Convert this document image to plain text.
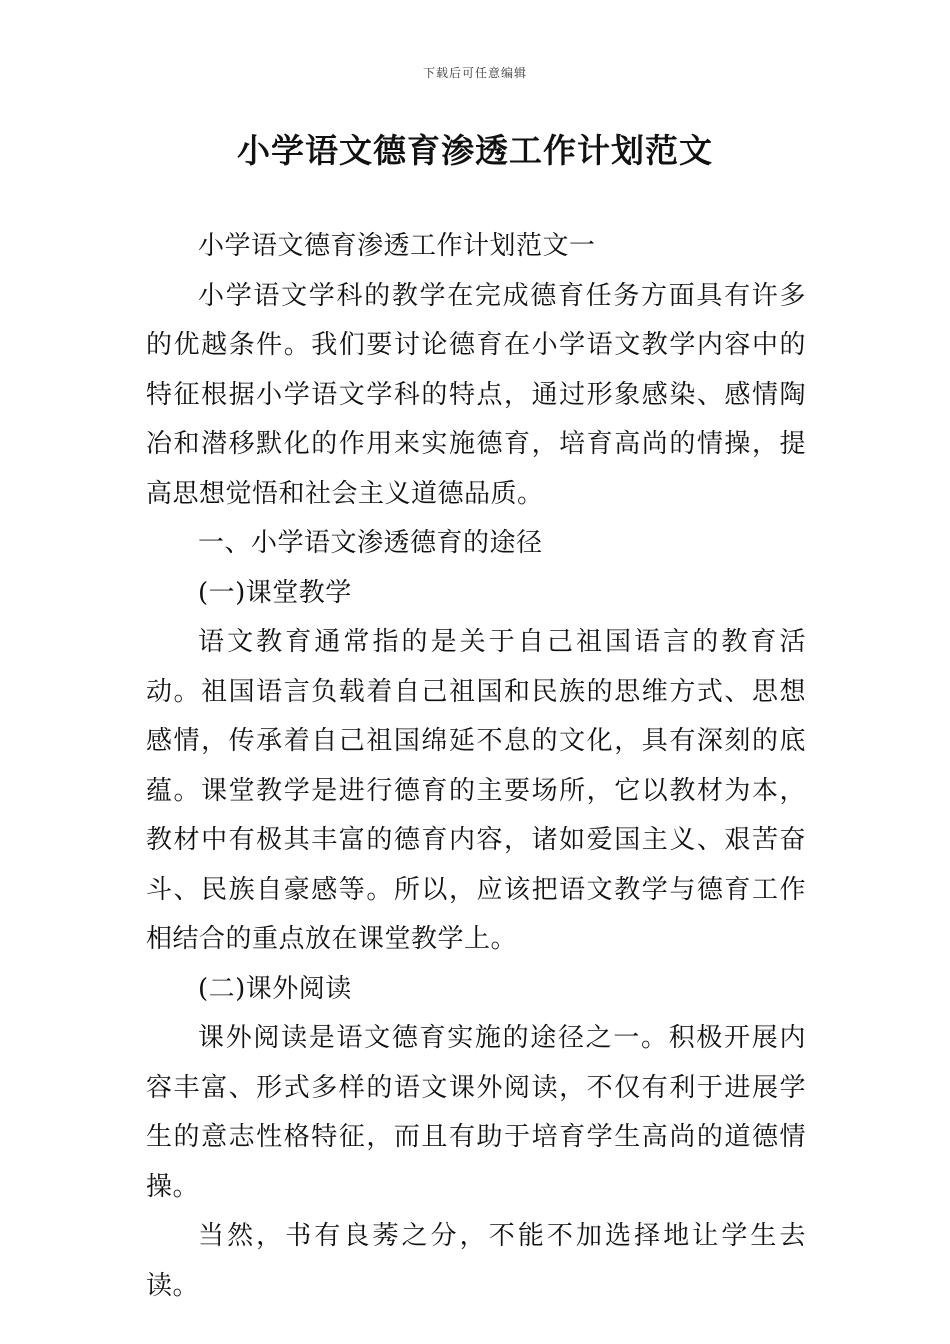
下载后可任意编辑
小学语文德育渗透工作计划范文

小学语文德育渗透工作计划范文一

小学语文学科的教学在完成德育任务方面具有许多的优越条件。我们要讨论德育在小学语文教学内容中的特征根据小学语文学科的特点，通过形象感染、感情陶冶和潜移默化的作用来实施德育，培育高尚的情操，提高思想觉悟和社会主义道德品质。

一、小学语文渗透德育的途径

(一)课堂教学

语文教育通常指的是关于自己祖国语言的教育活动。祖国语言负载着自己祖国和民族的思维方式、思想感情，传承着自己祖国绵延不息的文化，具有深刻的底蕴。课堂教学是进行德育的主要场所，它以教材为本，教材中有极其丰富的德育内容，诸如爱国主义、艰苦奋斗、民族自豪感等。所以，应该把语文教学与德育工作相结合的重点放在课堂教学上。

(二)课外阅读

课外阅读是语文德育实施的途径之一。积极开展内容丰富、形式多样的语文课外阅读，不仅有利于进展学生的意志性格特征，而且有助于培育学生高尚的道德情操。

当然，书有良莠之分，不能不加选择地让学生去读。
